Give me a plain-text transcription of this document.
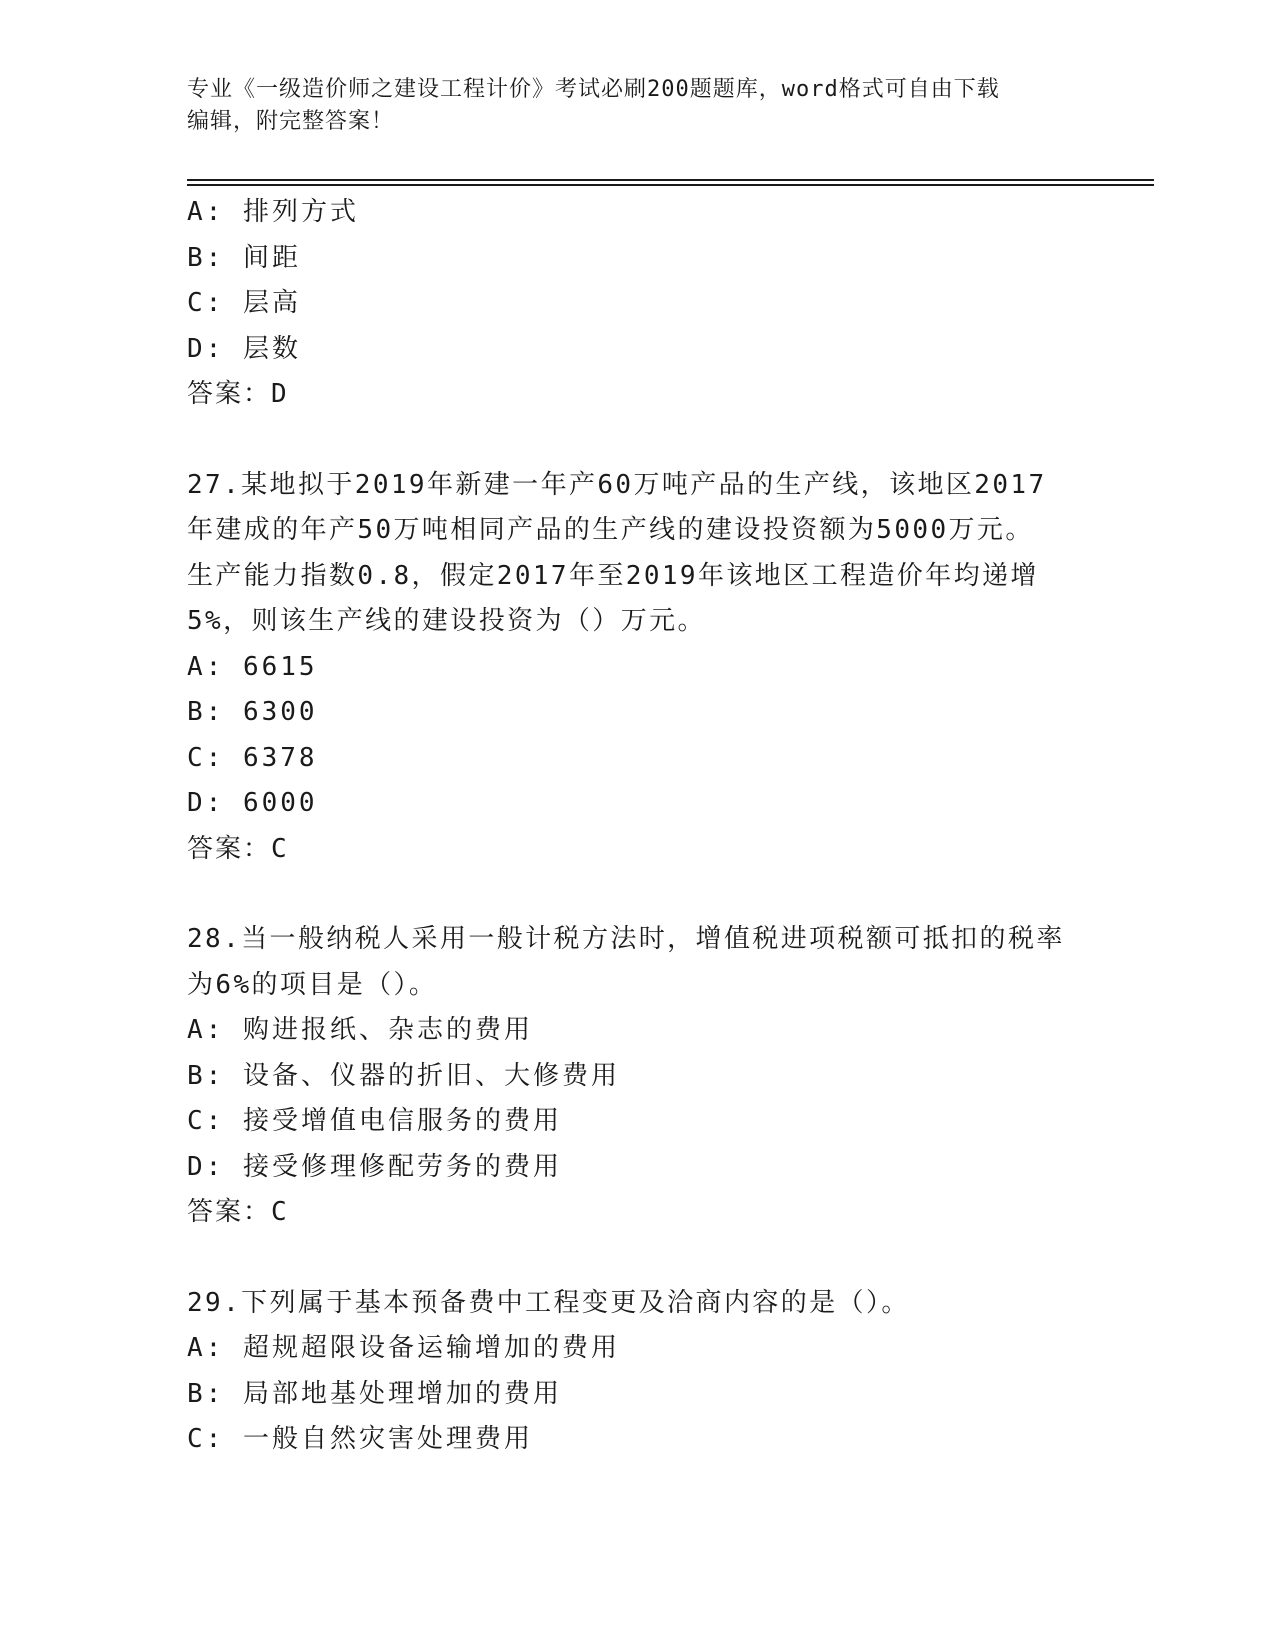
专业《一级造价师之建设工程计价》考试必刷200题题库，word格式可自由下载
编辑，附完整答案！
A: 排列方式
B: 间距
C: 层高
D: 层数
答案：D
27.某地拟于2019年新建一年产60万吨产品的生产线，该地区2017
年建成的年产50万吨相同产品的生产线的建设投资额为5000万元。
生产能力指数0.8，假定2017年至2019年该地区工程造价年均递增
5%，则该生产线的建设投资为（）万元。
A: 6615
B: 6300
C: 6378
D: 6000
答案：C
28.当一般纳税人采用一般计税方法时，增值税进项税额可抵扣的税率
为6%的项目是（）。
A: 购进报纸、杂志的费用
B: 设备、仪器的折旧、大修费用
C: 接受增值电信服务的费用
D: 接受修理修配劳务的费用
答案：C
29.下列属于基本预备费中工程变更及洽商内容的是（）。
A: 超规超限设备运输增加的费用
B: 局部地基处理增加的费用
C: 一般自然灾害处理费用
